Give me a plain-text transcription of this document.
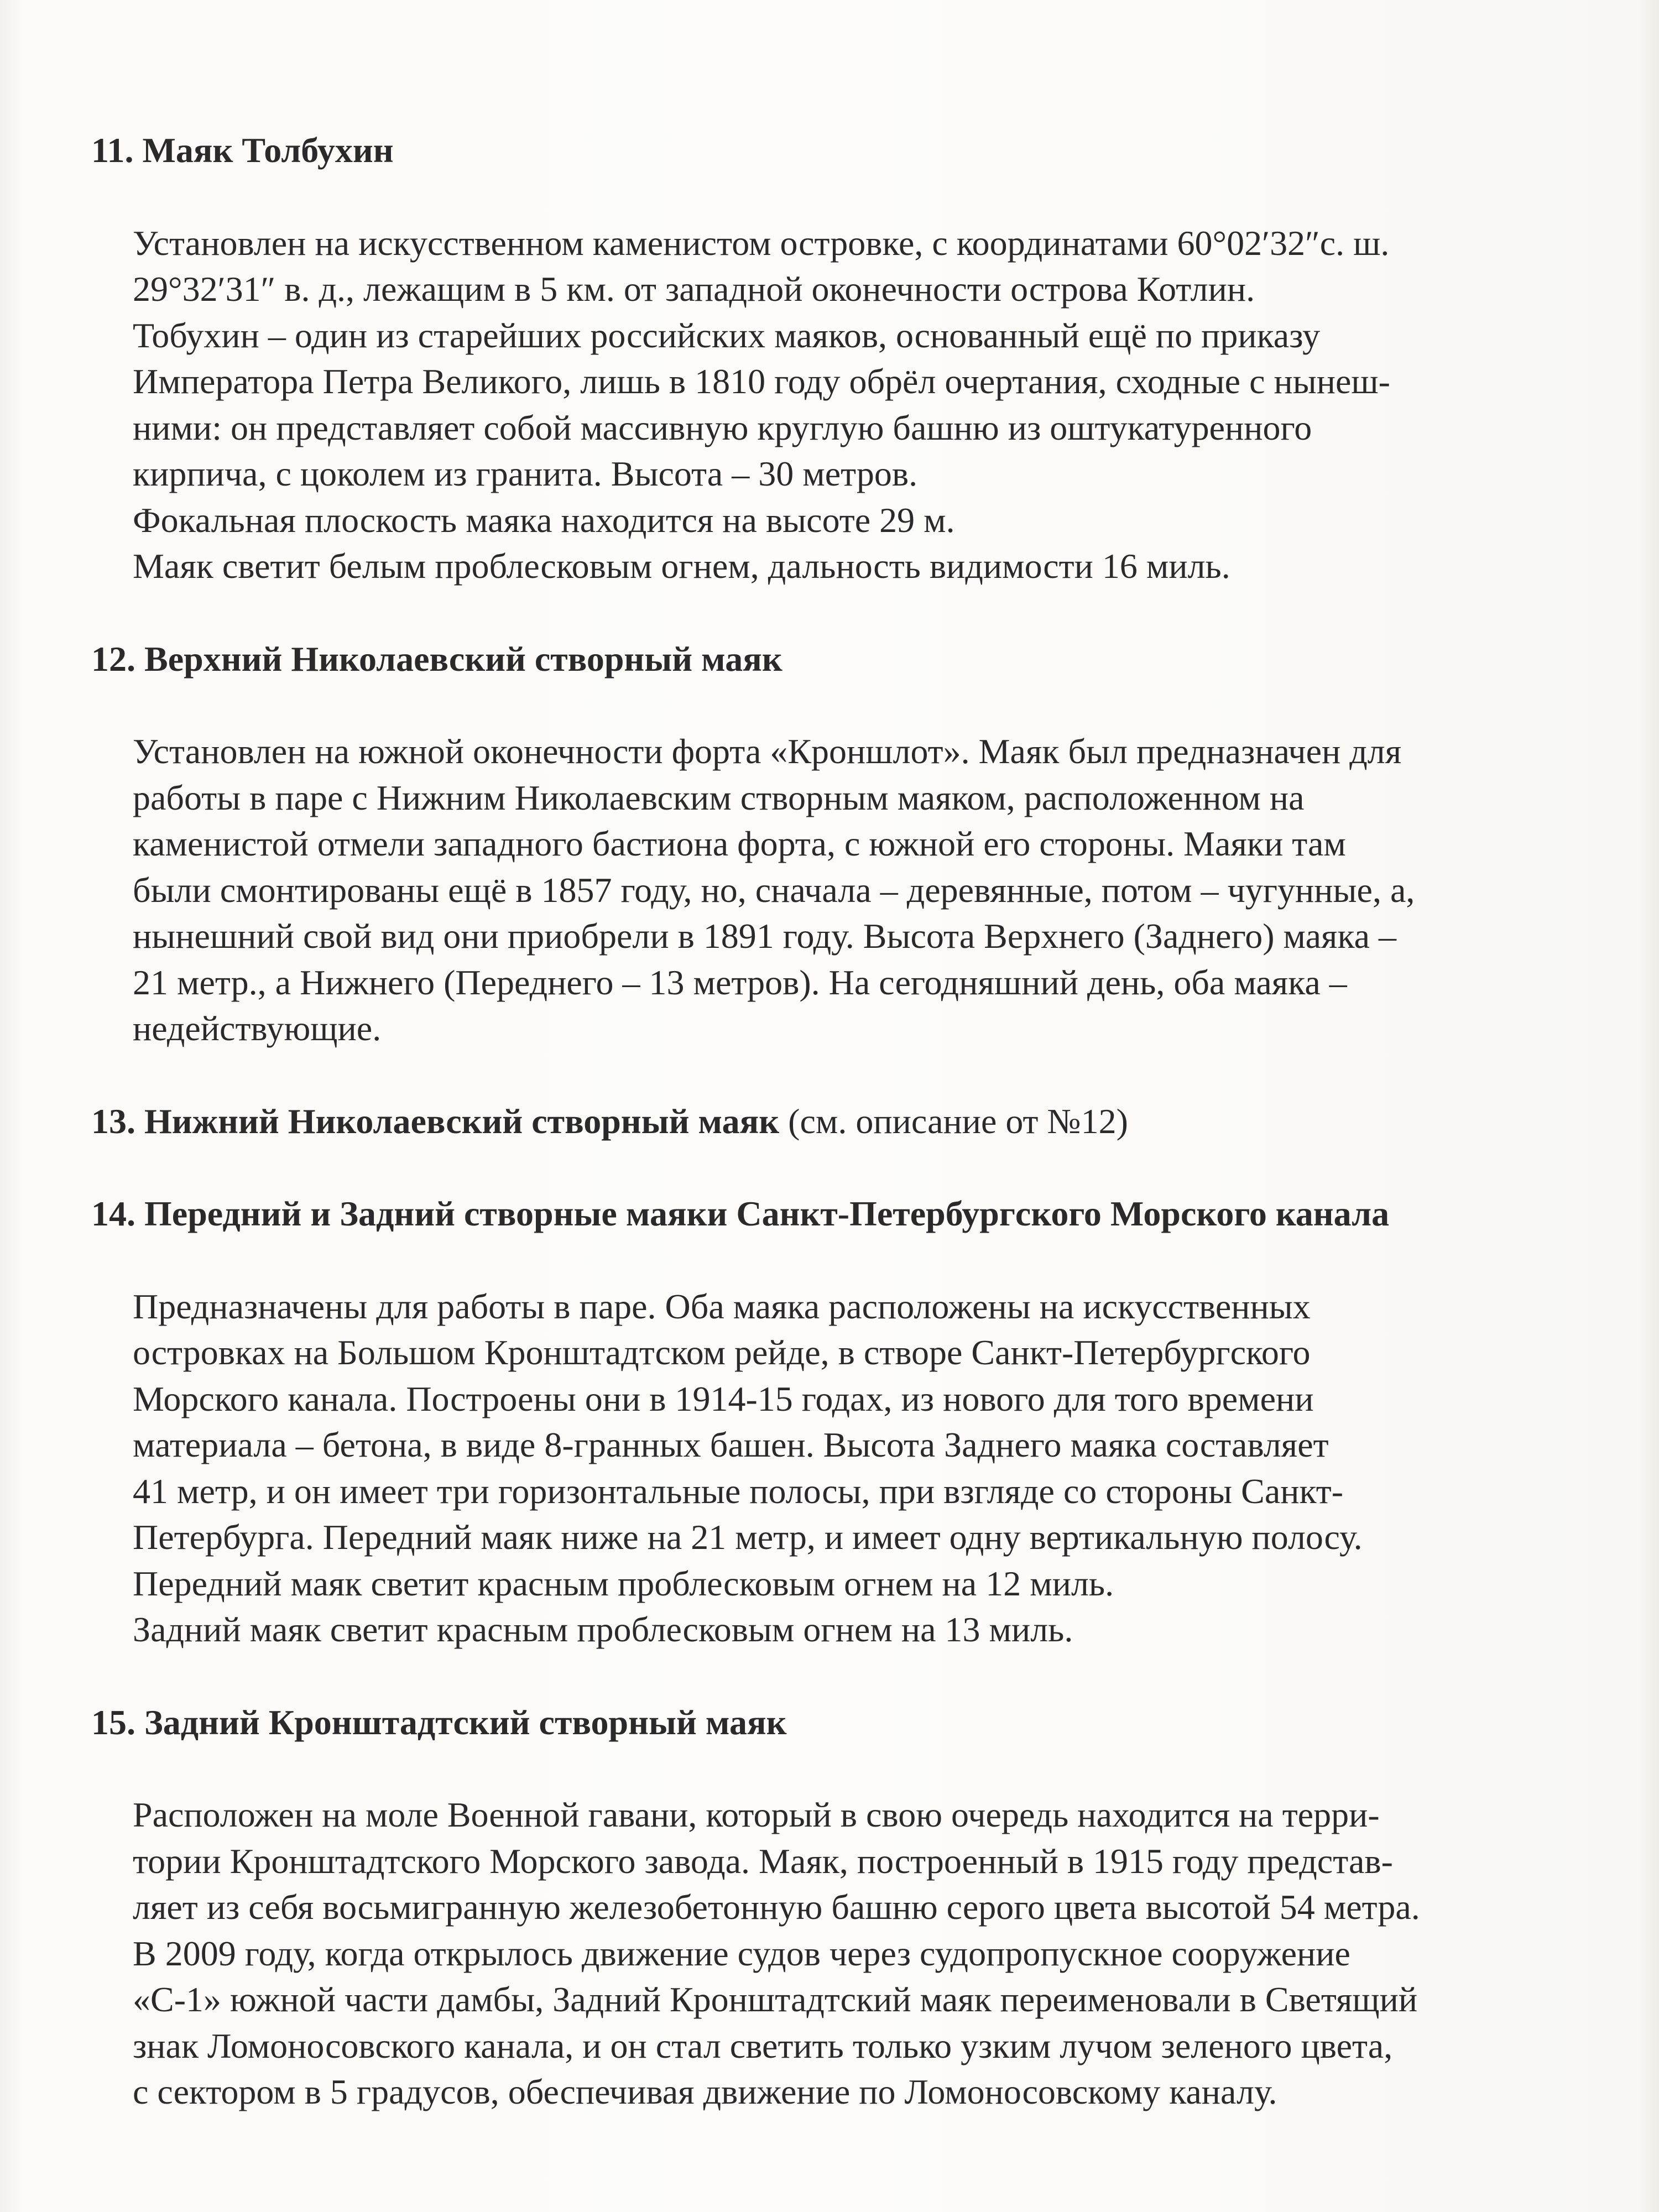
11. Маяк Толбухин
Установлен на искусственном каменистом островке, с координатами 60°02′32″с. ш.
29°32′31″ в. д., лежащим в 5 км. от западной оконечности острова Котлин.
Тобухин – один из старейших российских маяков, основанный ещё по приказу
Императора Петра Великого, лишь в 1810 году обрёл очертания, сходные с нынеш-
ними: он представляет собой массивную круглую башню из оштукатуренного
кирпича, с цоколем из гранита. Высота – 30 метров.
Фокальная плоскость маяка находится на высоте 29 м.
Маяк светит белым проблесковым огнем, дальность видимости 16 миль.
12. Верхний Николаевский створный маяк
Установлен на южной оконечности форта «Кроншлот». Маяк был предназначен для
работы в паре с Нижним Николаевским створным маяком, расположенном на
каменистой отмели западного бастиона форта, с южной его стороны. Маяки там
были смонтированы ещё в 1857 году, но, сначала – деревянные, потом – чугунные, а,
нынешний свой вид они приобрели в 1891 году. Высота Верхнего (Заднего) маяка –
21 метр., а Нижнего (Переднего – 13 метров). На сегодняшний день, оба маяка –
недействующие.
13. Нижний Николаевский створный маяк (см. описание от №12)
14. Передний и Задний створные маяки Санкт-Петербургского Морского канала
Предназначены для работы в паре. Оба маяка расположены на искусственных
островках на Большом Кронштадтском рейде, в створе Санкт-Петербургского
Морского канала. Построены они в 1914-15 годах, из нового для того времени
материала – бетона, в виде 8-гранных башен. Высота Заднего маяка составляет
41 метр, и он имеет три горизонтальные полосы, при взгляде со стороны Санкт-
Петербурга. Передний маяк ниже на 21 метр, и имеет одну вертикальную полосу.
Передний маяк светит красным проблесковым огнем на 12 миль.
Задний маяк светит красным проблесковым огнем на 13 миль.
15. Задний Кронштадтский створный маяк
Расположен на моле Военной гавани, который в свою очередь находится на терри-
тории Кронштадтского Морского завода. Маяк, построенный в 1915 году представ-
ляет из себя восьмигранную железобетонную башню серого цвета высотой 54 метра.
В 2009 году, когда открылось движение судов через судопропускное сооружение
«С-1» южной части дамбы, Задний Кронштадтский маяк переименовали в Светящий
знак Ломоносовского канала, и он стал светить только узким лучом зеленого цвета,
с сектором в 5 градусов, обеспечивая движение по Ломоносовскому каналу.
